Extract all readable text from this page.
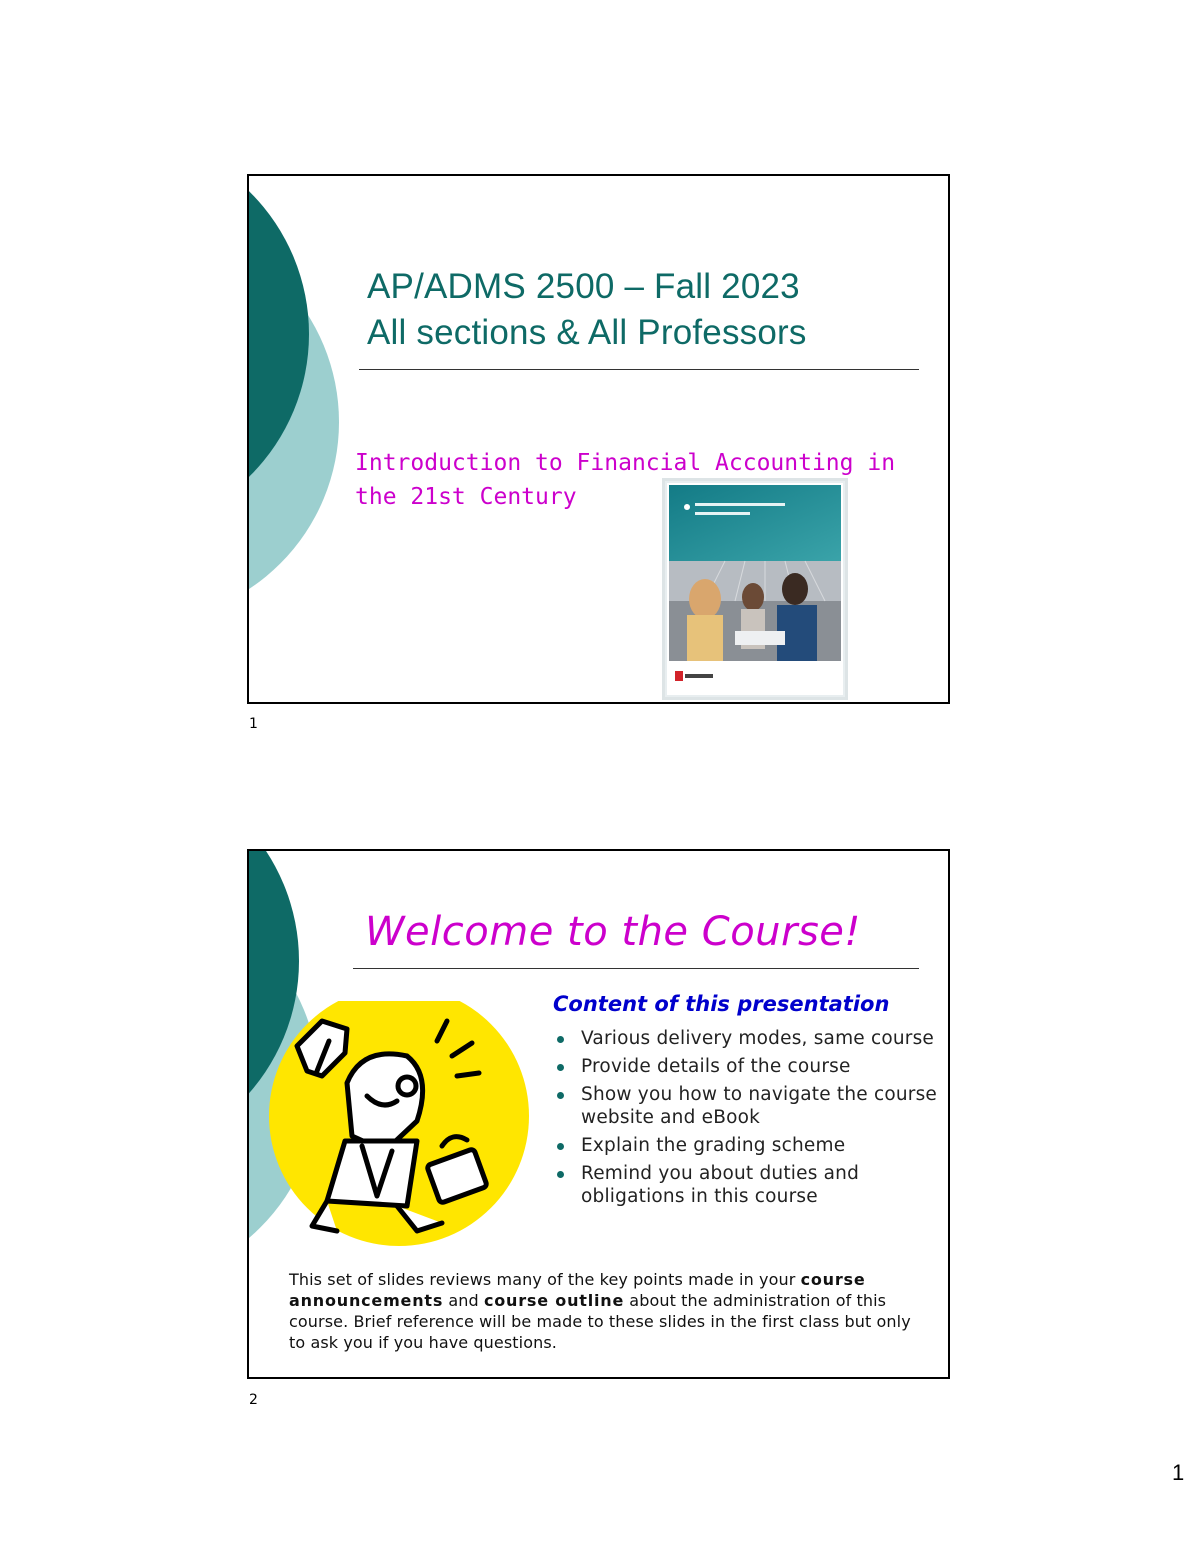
AP/ADMS 2500 – Fall 2023
All sections & All Professors
Introduction to Financial Accounting in the 21st Century
1
Welcome to the Course!
Content of this presentation
Various delivery modes, same course
Provide details of the course
Show you how to navigate the course website and eBook
Explain the grading scheme
Remind you about duties and obligations in this course
This set of slides reviews many of the key points made in your course announcements and course outline about the administration of this course. Brief reference will be made to these slides in the first class but only to ask you if you have questions.
2
1
